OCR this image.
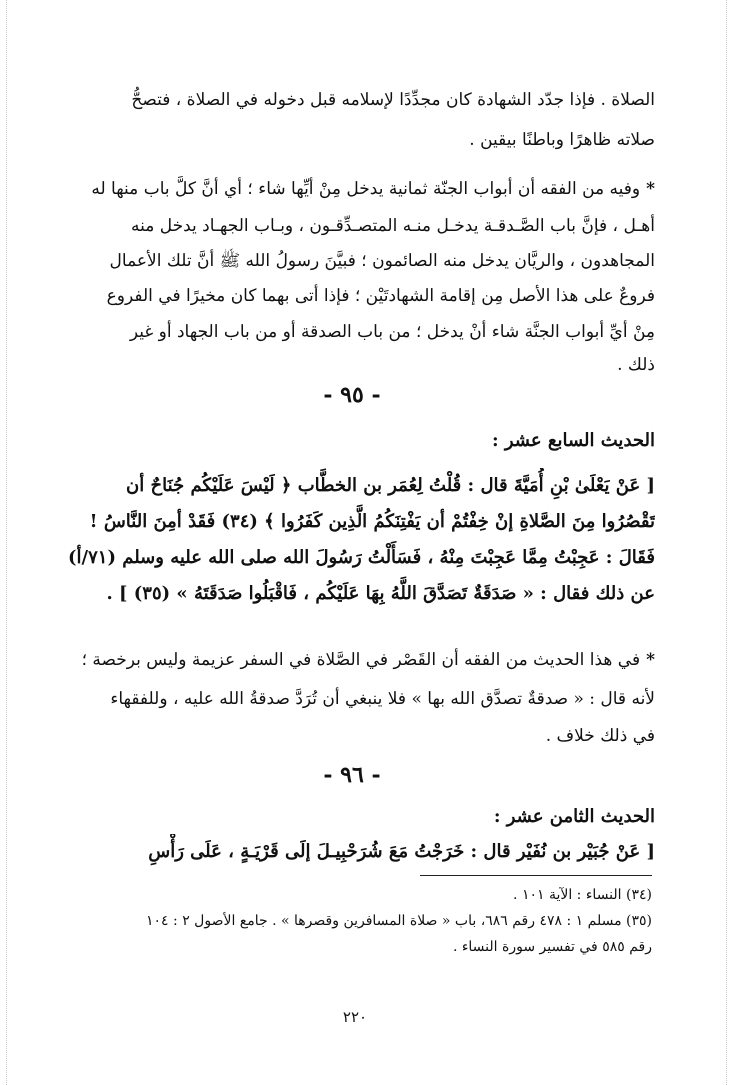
الصلاة . فإذا جدّد الشهادة كان مجدِّدًا لإسلامه قبل دخوله في الصلاة ، فتصحُّ
صلاته ظاهرًا وباطنًا بيقين .
*وفيه من الفقه أن أبواب الجنّة ثمانية يدخل مِنْ أيِّها شاء ؛ أي أنَّ كلَّ باب منها له
أهـل ، فإنَّ باب الصَّـدقـة يدخـل منـه المتصـدِّقـون ، وبـاب الجهـاد يدخل منه
المجاهدون ، والريَّان يدخل منه الصائمون ؛ فبيَّنَ رسولُ الله ﷺ أنَّ تلك الأعمال
فروعٌ على هذا الأصل مِن إقامة الشهادتَيْن ؛ فإذا أتى بهما كان مخيرًا في الفروع
مِنْ أيِّ أبواب الجنَّة شاء أنْ يدخل ؛ من باب الصدقة أو من باب الجهاد أو غير
ذلك .
- ٩٥ -
الحديث السابع عشر :
[ عَنْ يَعْلَىٰ بْنِ أُمَيَّةَ قال : قُلْتُ لِعُمَر بن الخطَّاب ﴿ لَيْسَ عَلَيْكُم جُنَاحٌ أن
تَقْصُرُوا مِنَ الصَّلاةِ إنْ خِفْتُمْ أن يَفْتِنَكُمُ الَّذِين كَفَرُوا ﴾ (٣٤) فَقَدْ أمِنَ النَّاسُ !
فَقَالَ : عَجِبْتُ مِمَّا عَجِبْتَ مِنْهُ ، فَسَأَلْتُ رَسُولَ الله صلى الله عليه وسلم (٧١/أ)
عن ذلك فقال : « صَدَقَةٌ تَصَدَّقَ اللَّهُ بِهَا عَلَيْكُم ، فَاقْبَلُوا صَدَقَتَهُ » (٣٥) ] .
*في هذا الحديث من الفقه أن القَصْر في الصَّلاة في السفر عزيمة وليس برخصة ؛
لأنه قال : « صدقةٌ تصدَّق الله بها » فلا ينبغي أن تُرَدَّ صدقةُ الله عليه ، وللفقهاء
في ذلك خلاف .
- ٩٦ -
الحديث الثامن عشر :
[ عَنْ جُبَيْر بن نُفَيْر قال : خَرَجْتُ مَعَ شُرَحْبِيـلَ إلَى قَرْيَـةٍ ، عَلَى رَأْسِ
(٣٤) النساء : الآية ١٠١ .
(٣٥) مسلم ١ : ٤٧٨ رقم ٦٨٦، باب « صلاة المسافرين وقصرها » . جامع الأصول ٢ : ١٠٤
رقم ٥٨٥ في تفسير سورة النساء .
٢٢٠
